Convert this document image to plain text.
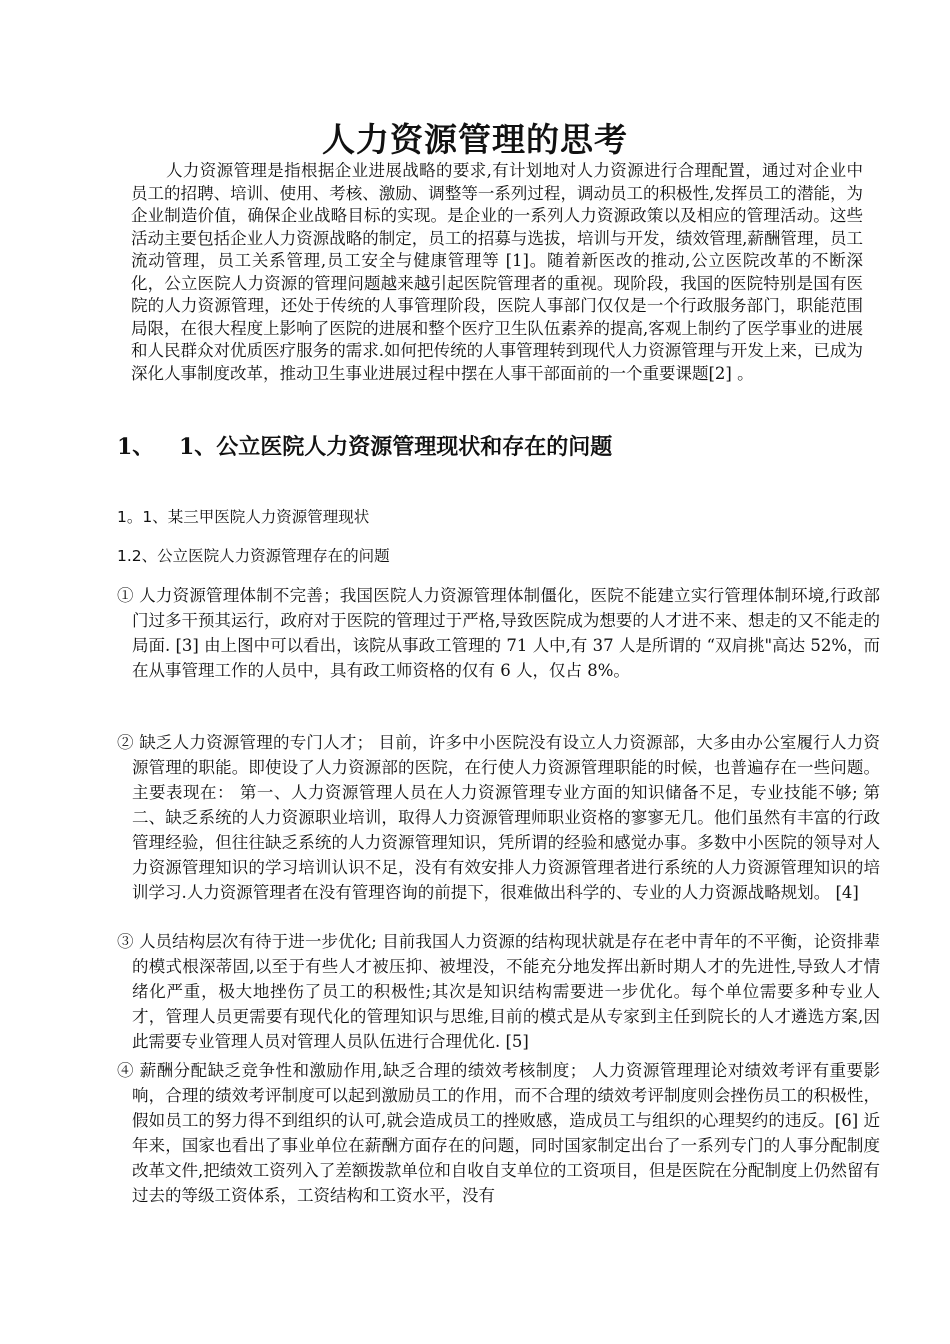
人力资源管理的思考

人力资源管理是指根据企业进展战略的要求,有计划地对人力资源进行合理配置，通过对企业中员工的招聘、培训、使用、考核、激励、调整等一系列过程，调动员工的积极性,发挥员工的潜能，为企业制造价值，确保企业战略目标的实现。是企业的一系列人力资源政策以及相应的管理活动。这些活动主要包括企业人力资源战略的制定，员工的招募与选拔，培训与开发，绩效管理,薪酬管理，员工流动管理，员工关系管理,员工安全与健康管理等 [1]。随着新医改的推动,公立医院改革的不断深化，公立医院人力资源的管理问题越来越引起医院管理者的重视。现阶段，我国的医院特别是国有医院的人力资源管理，还处于传统的人事管理阶段，医院人事部门仅仅是一个行政服务部门，职能范围局限，在很大程度上影响了医院的进展和整个医疗卫生队伍素养的提高,客观上制约了医学事业的进展和人民群众对优质医疗服务的需求.如何把传统的人事管理转到现代人力资源管理与开发上来，已成为深化人事制度改革，推动卫生事业进展过程中摆在人事干部面前的一个重要课题[2] 。

1、 1、公立医院人力资源管理现状和存在的问题

1。1、某三甲医院人力资源管理现状

1.2、公立医院人力资源管理存在的问题

① 人力资源管理体制不完善；我国医院人力资源管理体制僵化，医院不能建立实行管理体制环境,行政部门过多干预其运行，政府对于医院的管理过于严格,导致医院成为想要的人才进不来、想走的又不能走的局面. [3] 由上图中可以看出，该院从事政工管理的 71 人中,有 37 人是所谓的 “双肩挑"高达 52%，而在从事管理工作的人员中，具有政工师资格的仅有 6 人，仅占 8%。

② 缺乏人力资源管理的专门人才； 目前，许多中小医院没有设立人力资源部，大多由办公室履行人力资源管理的职能。即使设了人力资源部的医院，在行使人力资源管理职能的时候，也普遍存在一些问题。主要表现在： 第一、人力资源管理人员在人力资源管理专业方面的知识储备不足，专业技能不够; 第二、缺乏系统的人力资源职业培训，取得人力资源管理师职业资格的寥寥无几。他们虽然有丰富的行政管理经验，但往往缺乏系统的人力资源管理知识，凭所谓的经验和感觉办事。多数中小医院的领导对人力资源管理知识的学习培训认识不足，没有有效安排人力资源管理者进行系统的人力资源管理知识的培训学习.人力资源管理者在没有管理咨询的前提下，很难做出科学的、专业的人力资源战略规划。 [4]

③ 人员结构层次有待于进一步优化; 目前我国人力资源的结构现状就是存在老中青年的不平衡，论资排辈的模式根深蒂固,以至于有些人才被压抑、被埋没，不能充分地发挥出新时期人才的先进性,导致人才情绪化严重，极大地挫伤了员工的积极性;其次是知识结构需要进一步优化。每个单位需要多种专业人才，管理人员更需要有现代化的管理知识与思维,目前的模式是从专家到主任到院长的人才遴选方案,因此需要专业管理人员对管理人员队伍进行合理优化. [5]

④ 薪酬分配缺乏竞争性和激励作用,缺乏合理的绩效考核制度； 人力资源管理理论对绩效考评有重要影响，合理的绩效考评制度可以起到激励员工的作用，而不合理的绩效考评制度则会挫伤员工的积极性，假如员工的努力得不到组织的认可,就会造成员工的挫败感，造成员工与组织的心理契约的违反。[6] 近年来，国家也看出了事业单位在薪酬方面存在的问题，同时国家制定出台了一系列专门的人事分配制度改革文件,把绩效工资列入了差额拨款单位和自收自支单位的工资项目，但是医院在分配制度上仍然留有过去的等级工资体系，工资结构和工资水平，没有
